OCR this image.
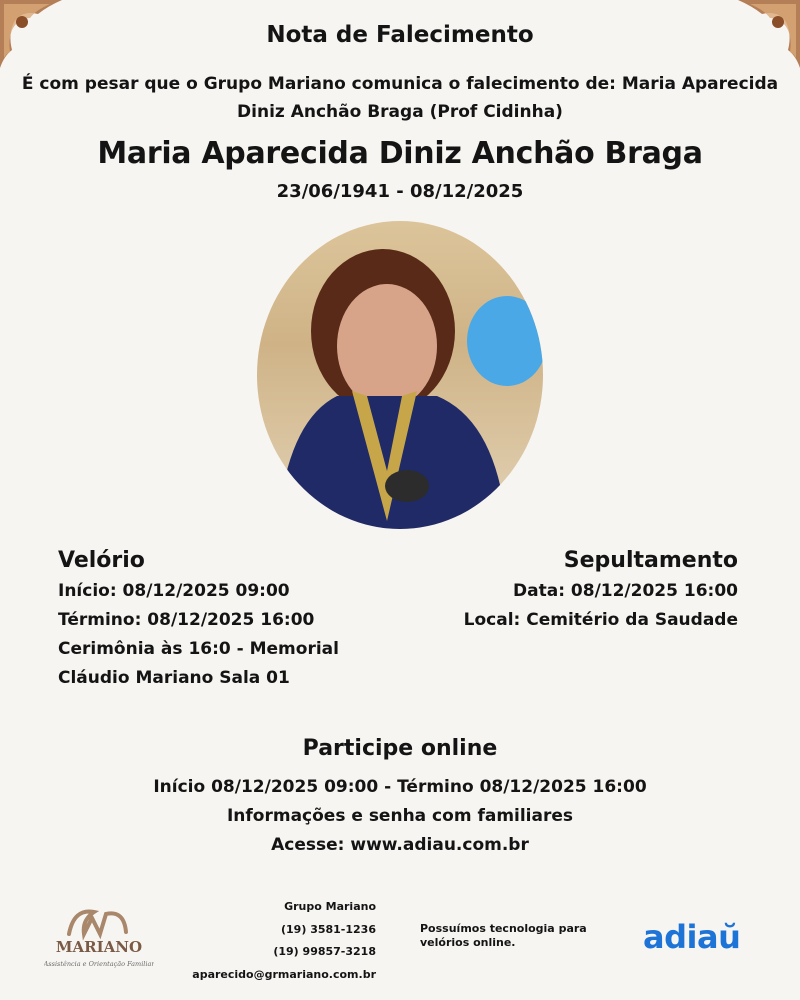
Nota de Falecimento
É com pesar que o Grupo Mariano comunica o falecimento de: Maria Aparecida Diniz Anchão Braga (Prof Cidinha)
Maria Aparecida Diniz Anchão Braga
23/06/1941 - 08/12/2025
Velório
Início: 08/12/2025 09:00
Término: 08/12/2025 16:00
Cerimônia às 16:0 - Memorial Cláudio Mariano Sala 01
Sepultamento
Data: 08/12/2025 16:00
Local: Cemitério da Saudade
Participe online
Início 08/12/2025 09:00 - Término 08/12/2025 16:00
Informações e senha com familiares
Acesse: www.adiau.com.br
MARIANO
Assistência e Orientação Familiar
Grupo Mariano
(19) 3581-1236
(19) 99857-3218
aparecido@grmariano.com.br
Possuímos tecnologia para velórios online.	adiaŭ
